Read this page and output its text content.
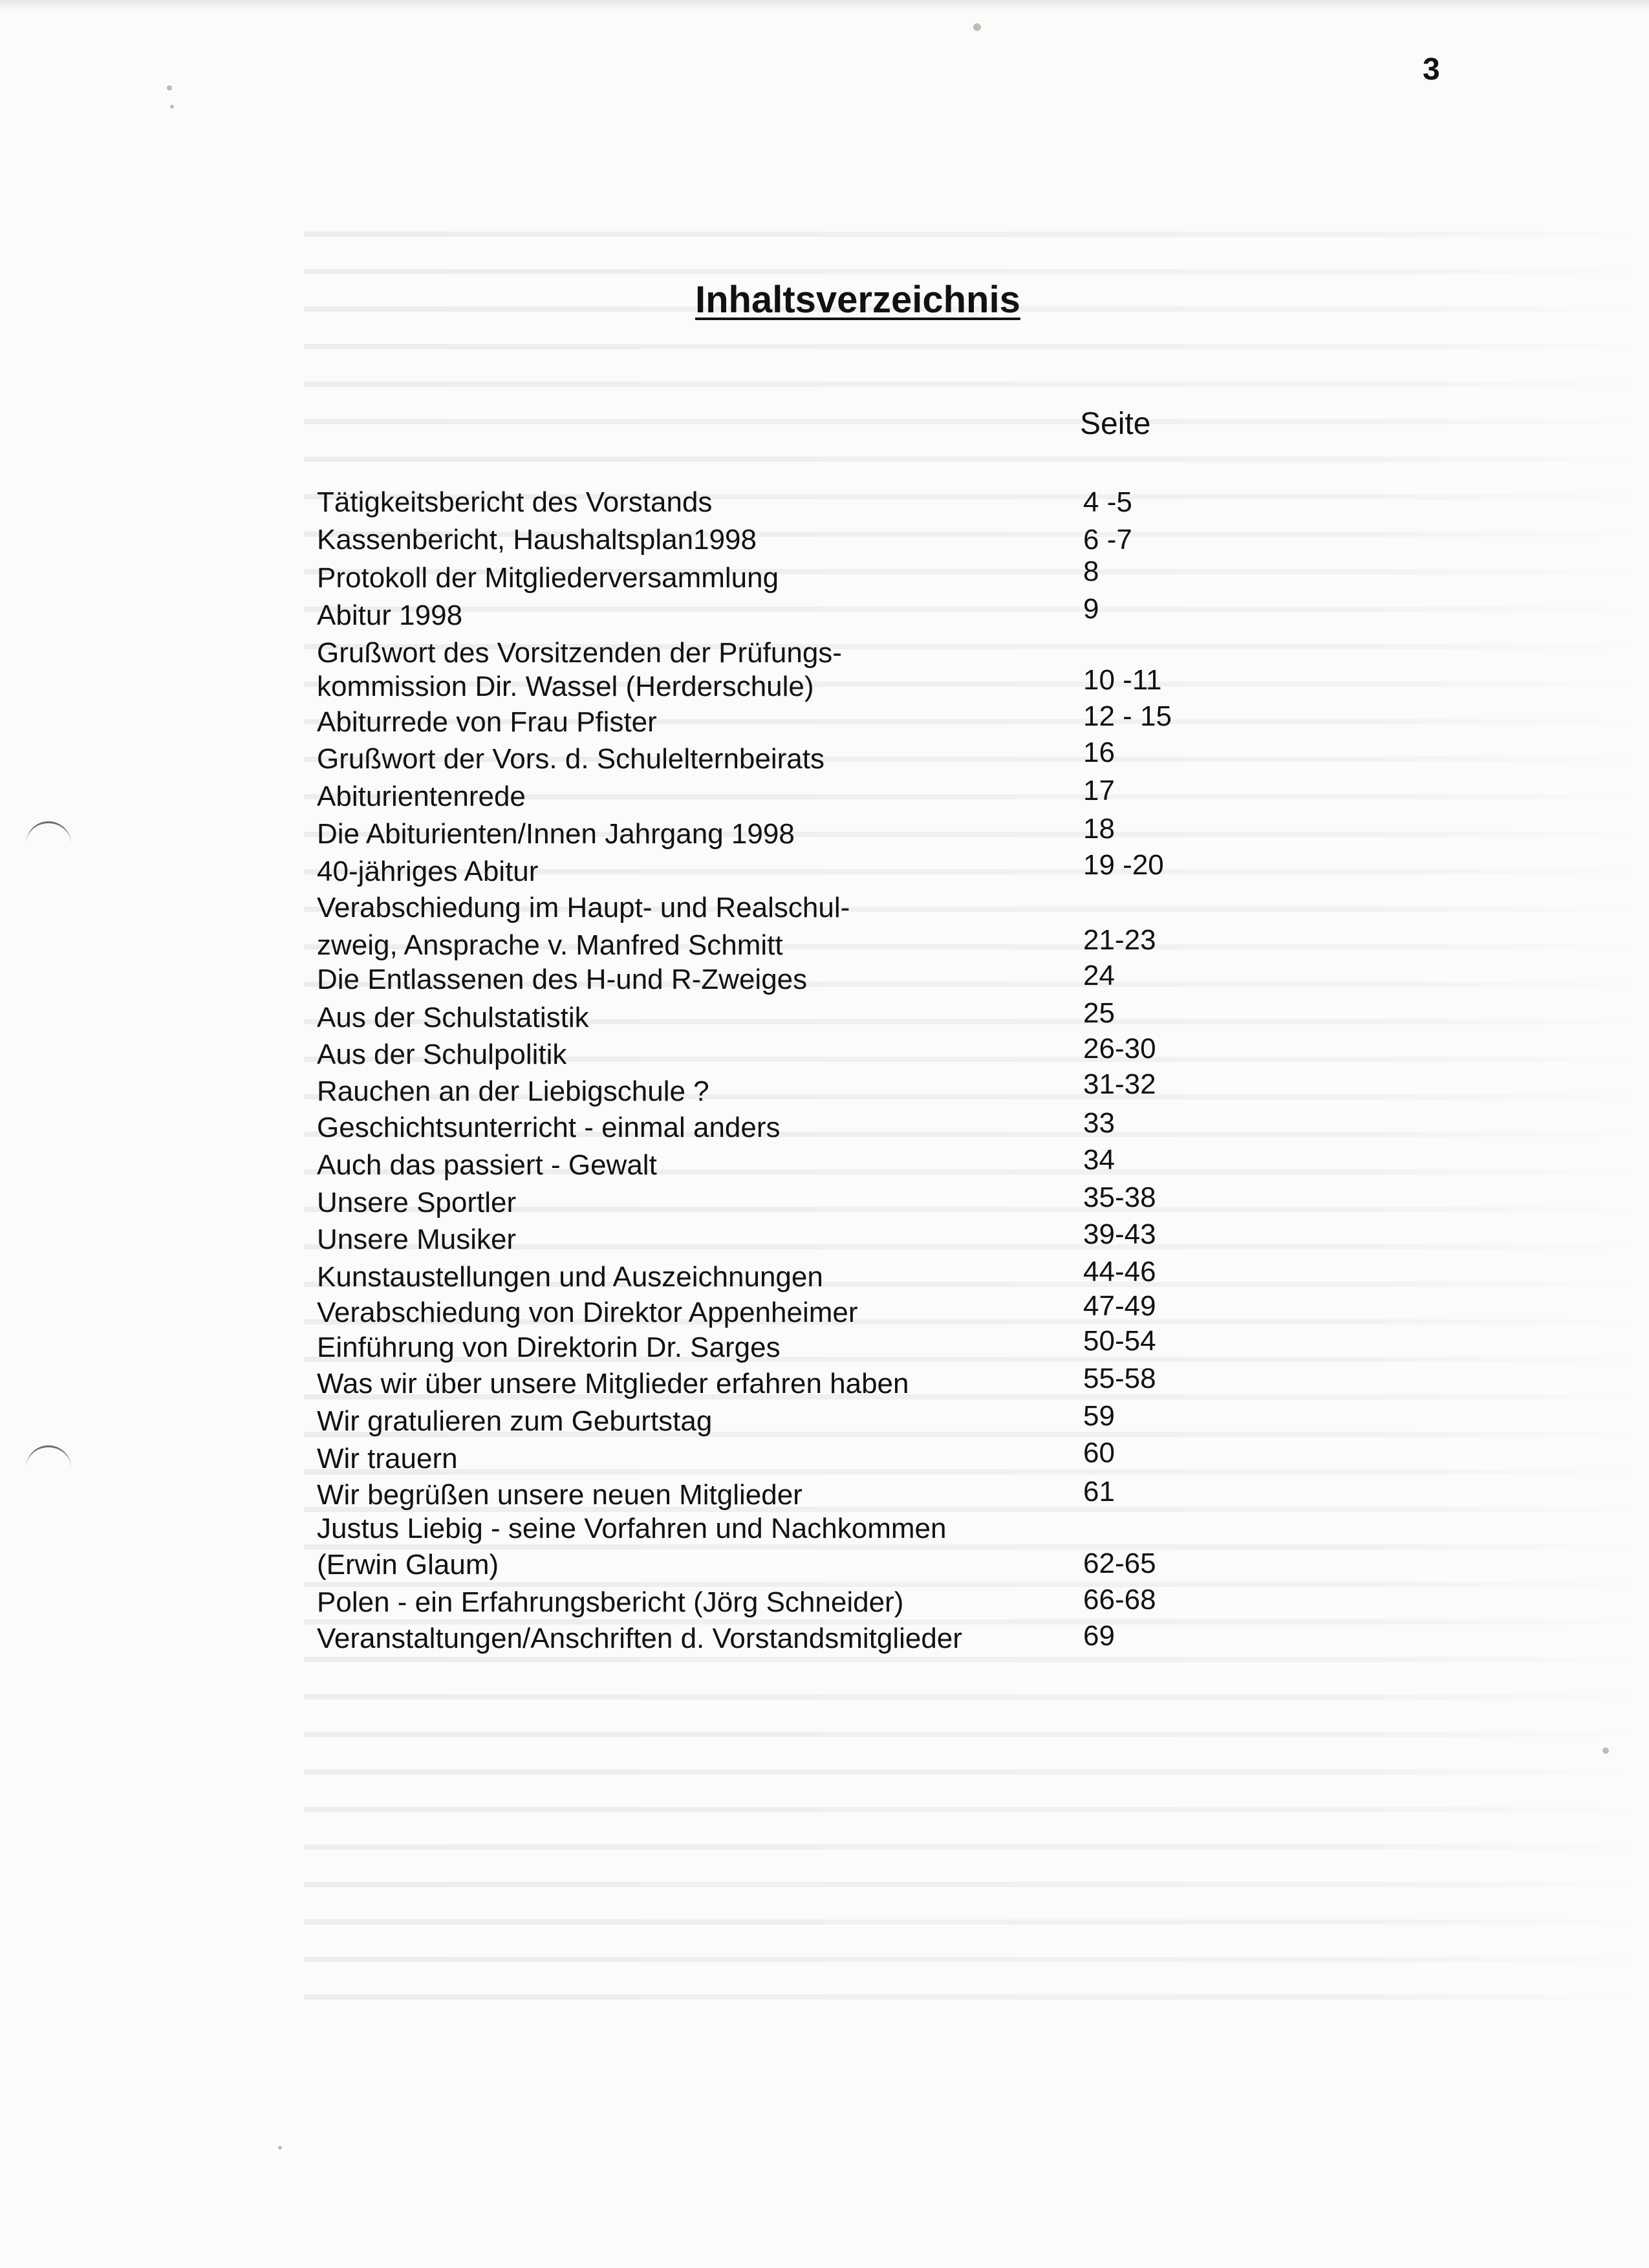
3
Inhaltsverzeichnis
Seite
Tätigkeitsbericht des Vorstands	4 -5
Kassenbericht, Haushaltsplan1998	6 -7
Protokoll der Mitgliederversammlung	8
Abitur 1998	9
Grußwort des Vorsitzenden der Prüfungs-
kommission Dir. Wassel (Herderschule)	10 -11
Abiturrede von Frau Pfister	12 - 15
Grußwort der Vors. d. Schulelternbeirats	16
Abiturientenrede	17
Die Abiturienten/Innen Jahrgang 1998	18
40-jähriges Abitur	19 -20
Verabschiedung im Haupt- und Realschul-
zweig, Ansprache v. Manfred Schmitt	21-23
Die Entlassenen des H-und R-Zweiges	24
Aus der Schulstatistik	25
Aus der Schulpolitik	26-30
Rauchen an der Liebigschule ?	31-32
Geschichtsunterricht - einmal anders	33
Auch das passiert - Gewalt	34
Unsere Sportler	35-38
Unsere Musiker	39-43
Kunstaustellungen und Auszeichnungen	44-46
Verabschiedung von Direktor Appenheimer	47-49
Einführung von Direktorin Dr. Sarges	50-54
Was wir über unsere Mitglieder erfahren haben	55-58
Wir gratulieren zum Geburtstag	59
Wir trauern	60
Wir begrüßen unsere neuen Mitglieder	61
Justus Liebig - seine Vorfahren und Nachkommen
(Erwin Glaum)	62-65
Polen - ein Erfahrungsbericht (Jörg Schneider)	66-68
Veranstaltungen/Anschriften d. Vorstandsmitglieder	69
